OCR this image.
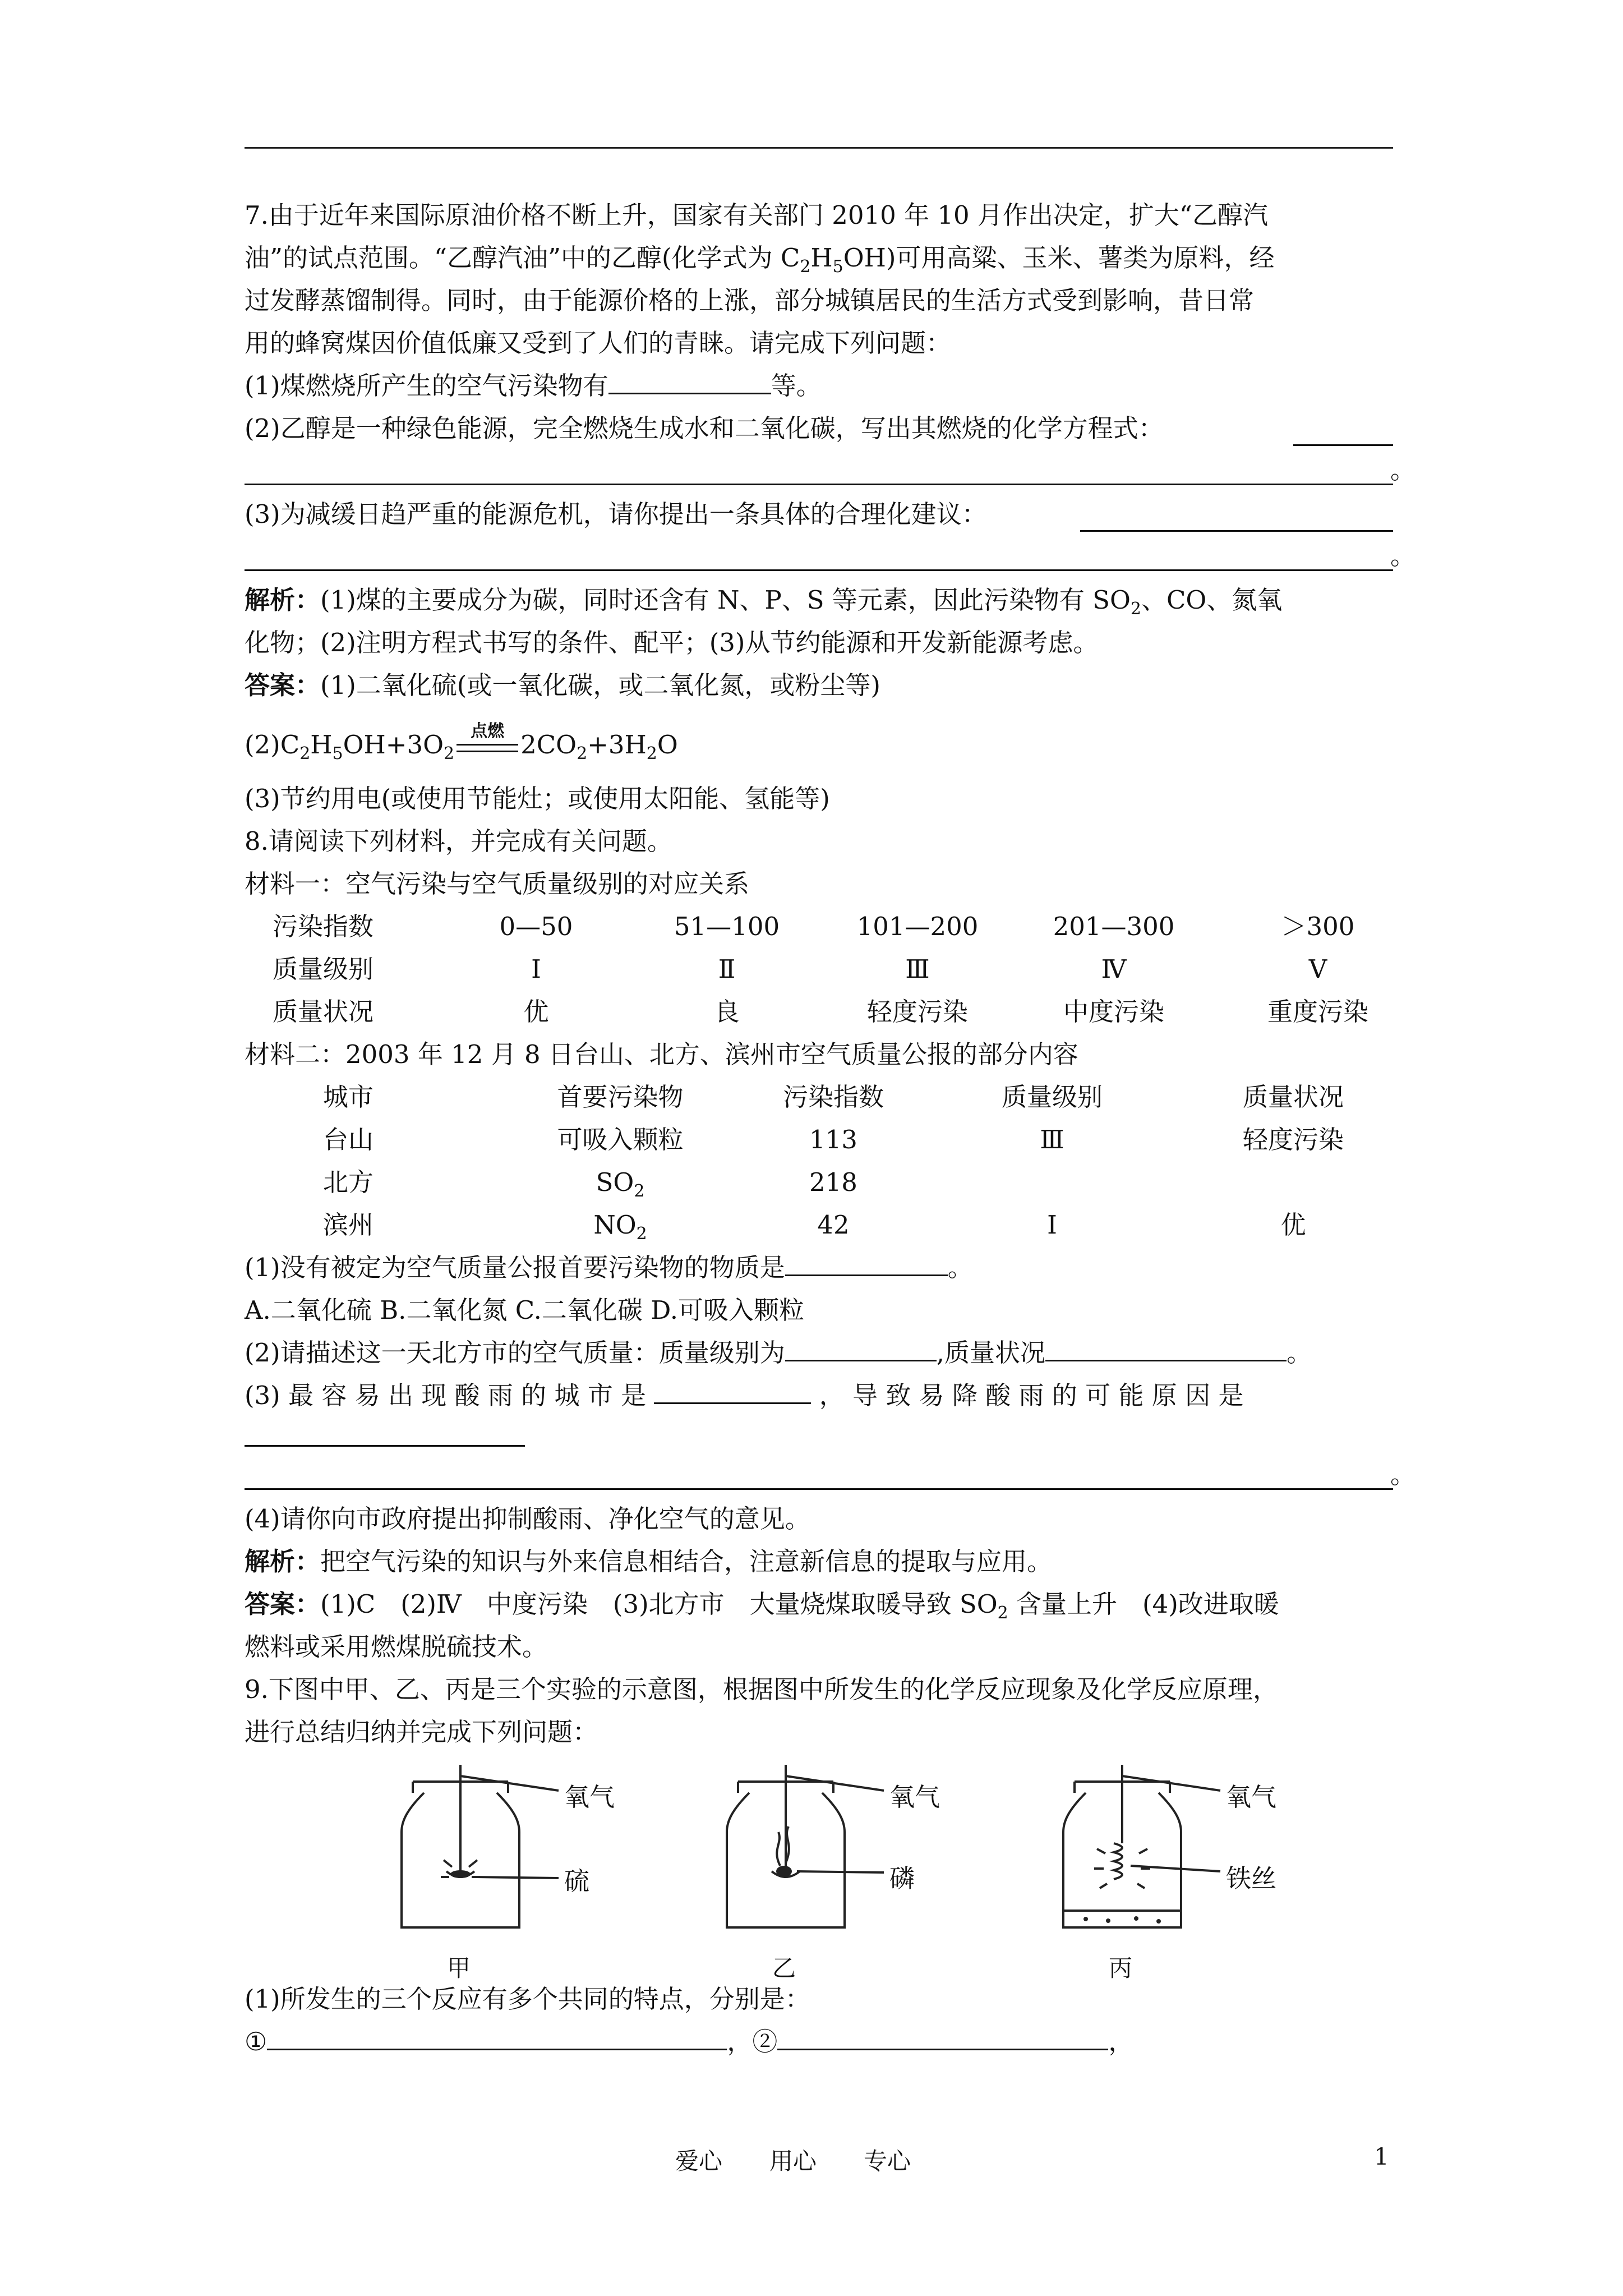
7.由于近年来国际原油价格不断上升，国家有关部门 2010 年 10 月作出决定，扩大“乙醇汽
油”的试点范围。“乙醇汽油”中的乙醇(化学式为 $C_2H_5OH$)可用高粱、玉米、薯类为原料，经
过发酵蒸馏制得。同时，由于能源价格的上涨，部分城镇居民的生活方式受到影响，昔日常
用的蜂窝煤因价值低廉又受到了人们的青睐。请完成下列问题：
(1)煤燃烧所产生的空气污染物有	等。
(2)乙醇是一种绿色能源，完全燃烧生成水和二氧化碳，写出其燃烧的化学方程式：
。
(3)为减缓日趋严重的能源危机，请你提出一条具体的合理化建议：
。
解析：(1)煤的主要成分为碳，同时还含有 N、P、S 等元素，因此污染物有 $SO_2$、CO、氮氧
化物；(2)注明方程式书写的条件、配平；(3)从节约能源和开发新能源考虑。
答案：(1)二氧化硫(或一氧化碳，或二氧化氮，或粉尘等)
$(2)C_2H_5OH+3O_2$
点燃 $2CO_2+3H_2O$
(3)节约用电(或使用节能灶；或使用太阳能、氢能等)
8.请阅读下列材料，并完成有关问题。
材料一：空气污染与空气质量级别的对应关系
污染指数	0—50	51—100	101—200	201—300	＞300
质量级别	Ⅰ	Ⅱ	Ⅲ	Ⅳ	Ⅴ
质量状况	优	良	轻度污染	中度污染	重度污染
材料二：2003 年 12 月 8 日台山、北方、滨州市空气质量公报的部分内容
城市	首要污染物	污染指数	质量级别	质量状况
台山	可吸入颗粒	113	Ⅲ	轻度污染
北方	$SO_2$	218
滨州	$NO_2$	42	Ⅰ	优
(1)没有被定为空气质量公报首要污染物的物质是	。
A.二氧化硫 B.二氧化氮 C.二氧化碳 D.可吸入颗粒
(2)请描述这一天北方市的空气质量：质量级别为	,质量状况	。
(3) 最 容 易 出 现 酸 雨 的 城 市 是	， 导 致 易 降 酸 雨 的 可 能 原 因 是
。
(4)请你向市政府提出抑制酸雨、净化空气的意见。
解析：把空气污染的知识与外来信息相结合，注意新信息的提取与应用。
答案：(1)C　(2)Ⅳ　中度污染　(3)北方市　大量烧煤取暖导致 $SO_2$ 含量上升　(4)改进取暖
燃料或采用燃煤脱硫技术。
9.下图中甲、乙、丙是三个实验的示意图，根据图中所发生的化学反应现象及化学反应原理，
进行总结归纳并完成下列问题：
氧气
硫
甲
氧气
磷
乙
氧气
铁丝
丙
(1)所发生的三个反应有多个共同的特点，分别是：
①	，②	，
爱心　　用心　　专心	1
